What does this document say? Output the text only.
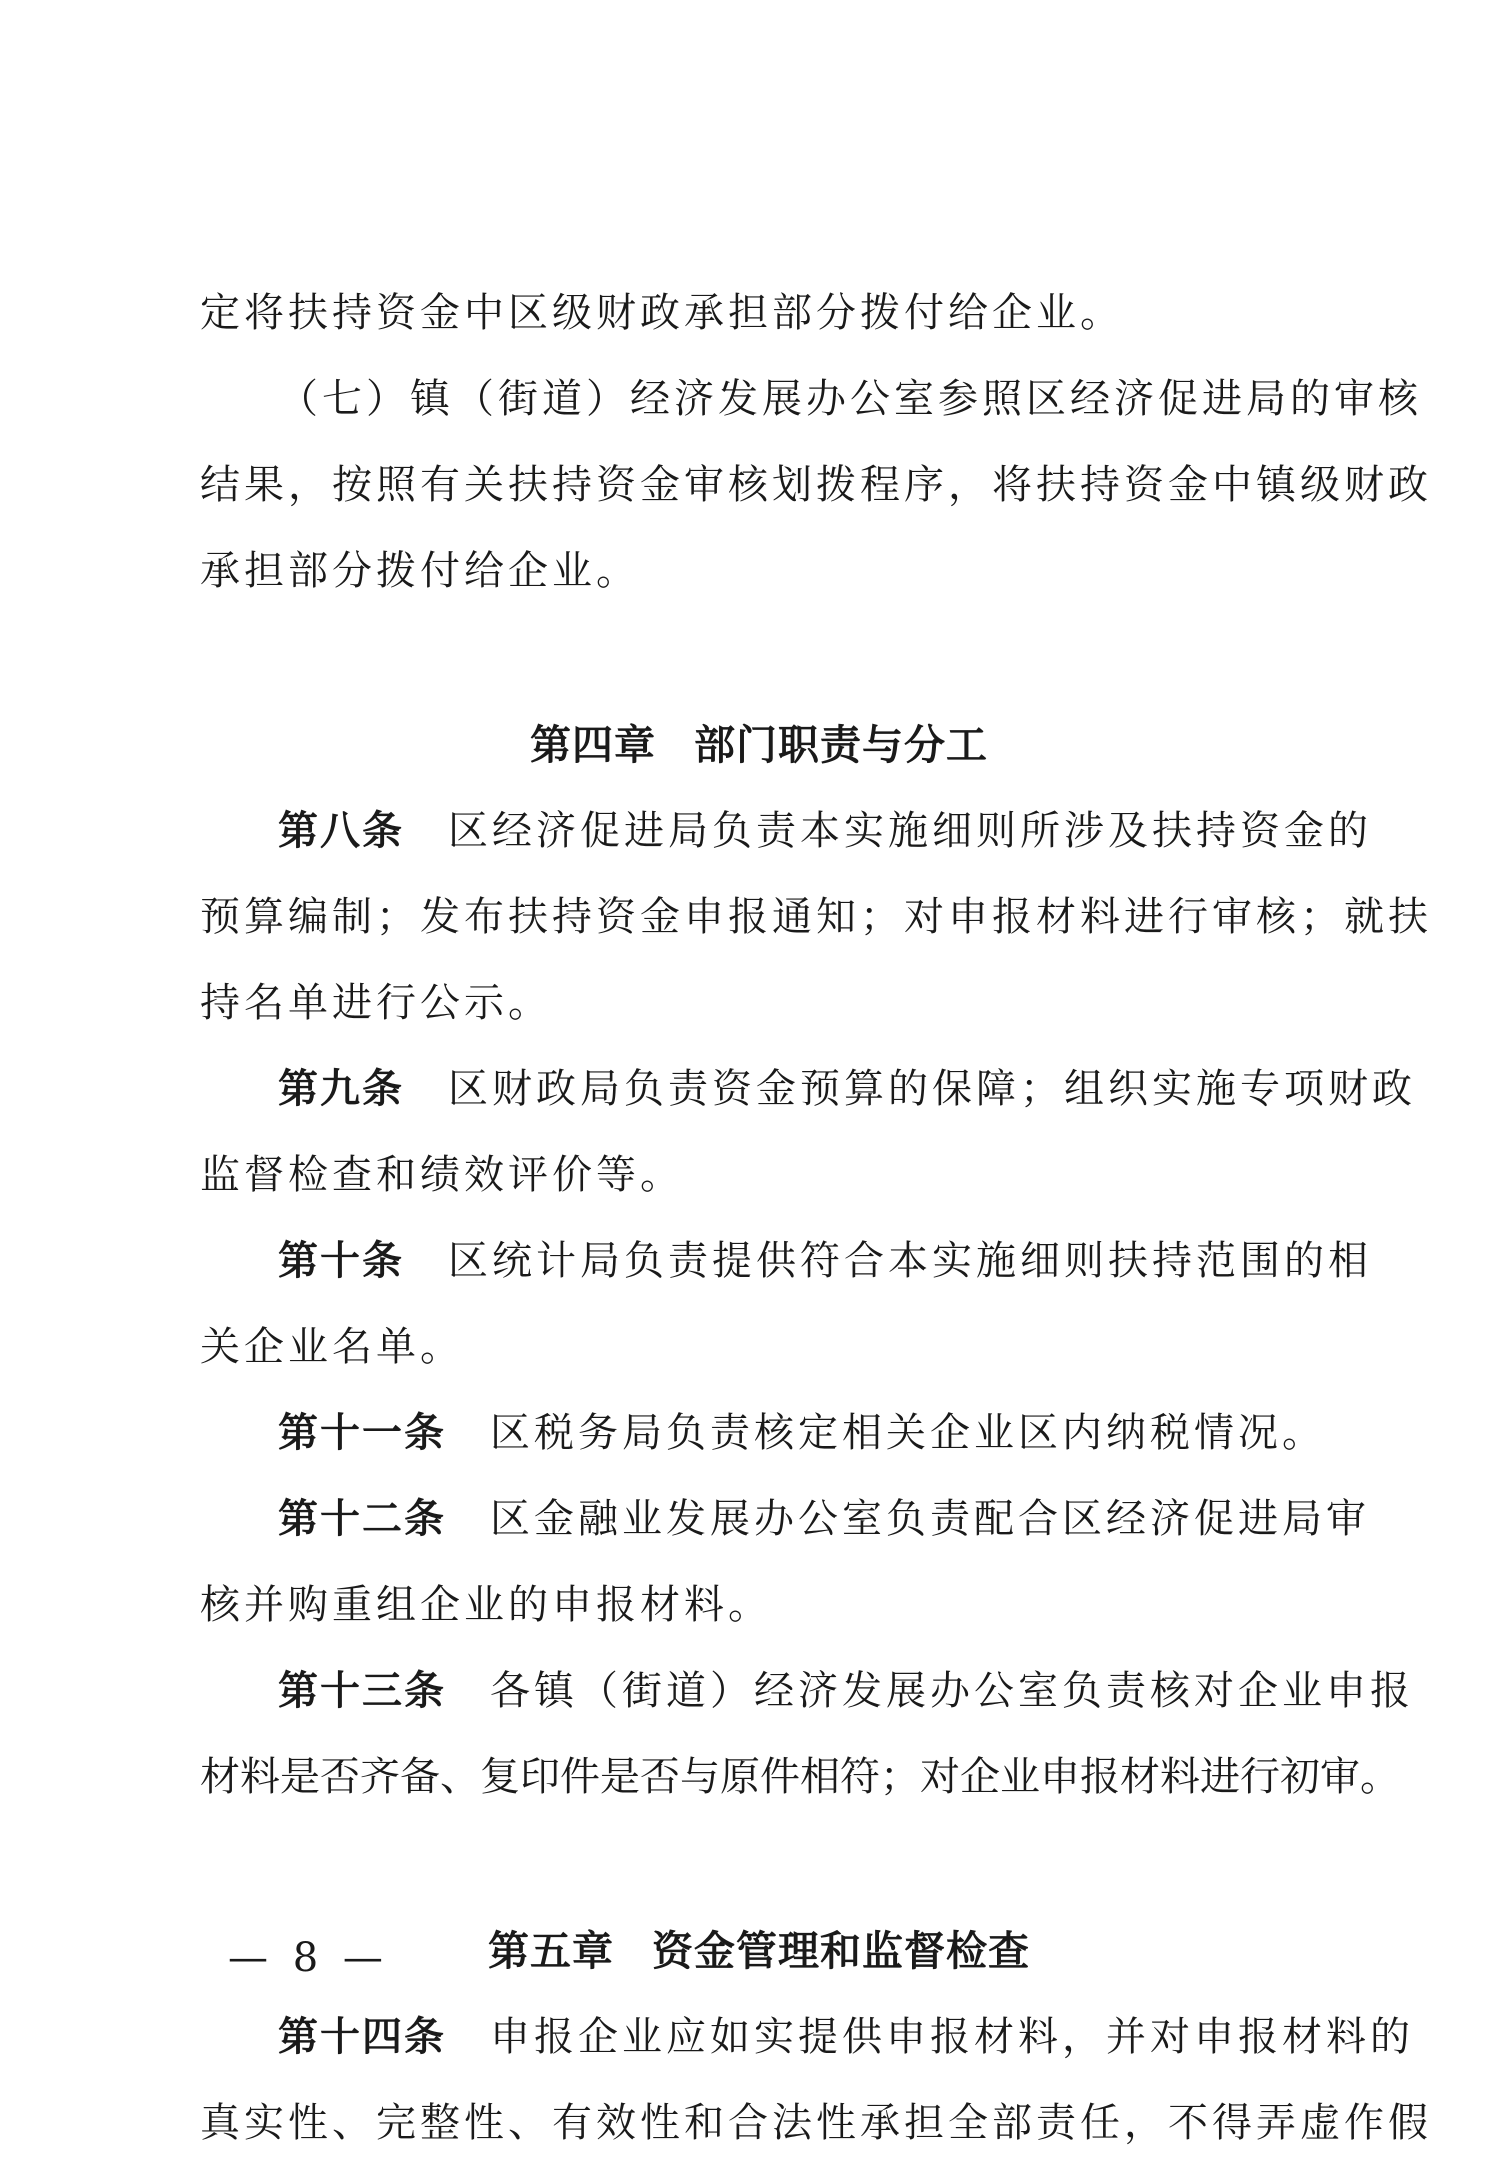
定将扶持资金中区级财政承担部分拨付给企业。
（七）镇（街道）经济发展办公室参照区经济促进局的审核
结果，按照有关扶持资金审核划拨程序，将扶持资金中镇级财政
承担部分拨付给企业。
第四章 部门职责与分工
第八条 区经济促进局负责本实施细则所涉及扶持资金的
预算编制；发布扶持资金申报通知；对申报材料进行审核；就扶
持名单进行公示。
第九条 区财政局负责资金预算的保障；组织实施专项财政
监督检查和绩效评价等。
第十条 区统计局负责提供符合本实施细则扶持范围的相
关企业名单。
第十一条 区税务局负责核定相关企业区内纳税情况。
第十二条 区金融业发展办公室负责配合区经济促进局审
核并购重组企业的申报材料。
第十三条 各镇（街道）经济发展办公室负责核对企业申报
材料是否齐备、复印件是否与原件相符；对企业申报材料进行初审。
第五章 资金管理和监督检查
第十四条 申报企业应如实提供申报材料，并对申报材料的
真实性、完整性、有效性和合法性承担全部责任，不得弄虚作假
— 8 —
